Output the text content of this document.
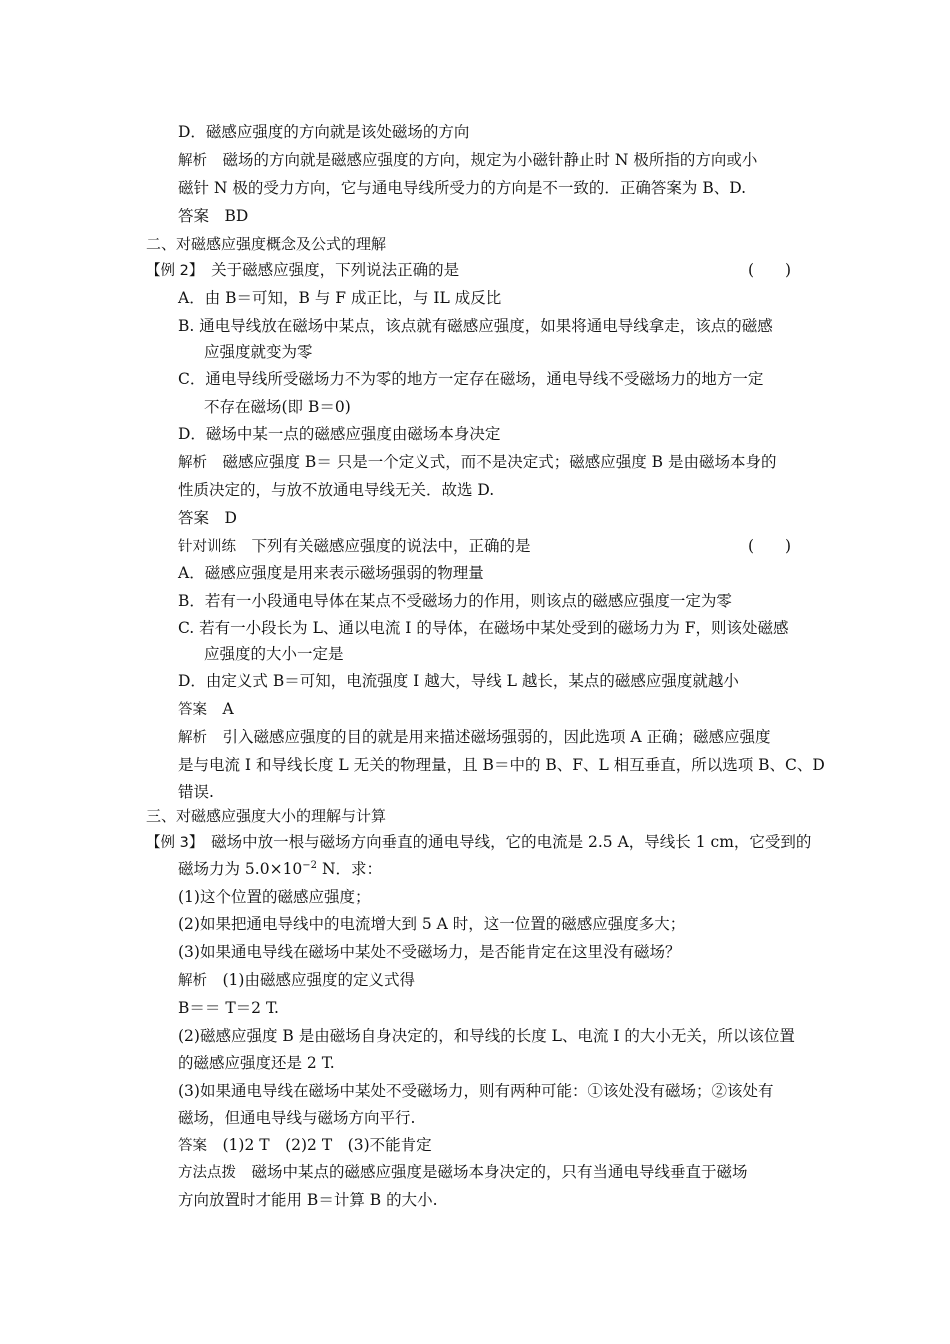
D．磁感应强度的方向就是该处磁场的方向
解析  磁场的方向就是磁感应强度的方向，规定为小磁针静止时 N 极所指的方向或小
磁针 N 极的受力方向，它与通电导线所受力的方向是不一致的．正确答案为 B、D.
答案  BD
二、对磁感应强度概念及公式的理解
【例 2】  关于磁感应强度，下列说法正确的是	(　　)
A．由 B＝可知，B 与 F 成正比，与 IL 成反比
B. 通电导线放在磁场中某点，该点就有磁感应强度，如果将通电导线拿走，该点的磁感
应强度就变为零
C．通电导线所受磁场力不为零的地方一定存在磁场，通电导线不受磁场力的地方一定
不存在磁场(即 B＝0)
D．磁场中某一点的磁感应强度由磁场本身决定
解析  磁感应强度 B＝ 只是一个定义式，而不是决定式；磁感应强度 B 是由磁场本身的
性质决定的，与放不放通电导线无关．故选 D.
答案  D
针对训练  下列有关磁感应强度的说法中，正确的是	(　　)
A．磁感应强度是用来表示磁场强弱的物理量
B．若有一小段通电导体在某点不受磁场力的作用，则该点的磁感应强度一定为零
C. 若有一小段长为 L、通以电流 I 的导体，在磁场中某处受到的磁场力为 F，则该处磁感
应强度的大小一定是
D．由定义式 B＝可知，电流强度 I 越大，导线 L 越长，某点的磁感应强度就越小
答案  A
解析  引入磁感应强度的目的就是用来描述磁场强弱的，因此选项 A 正确；磁感应强度
是与电流 I 和导线长度 L 无关的物理量，且 B＝中的 B、F、L 相互垂直，所以选项 B、C、D
错误.
三、对磁感应强度大小的理解与计算
【例 3】  磁场中放一根与磁场方向垂直的通电导线，它的电流是 2.5 A，导线长 1 cm，它受到的
磁场力为 $5.0\times 10^{-2}$ N．求：
(1)这个位置的磁感应强度；
(2)如果把通电导线中的电流增大到 5 A 时，这一位置的磁感应强度多大；
(3)如果通电导线在磁场中某处不受磁场力，是否能肯定在这里没有磁场？
解析  (1)由磁感应强度的定义式得
B＝＝ T＝2 T.
(2)磁感应强度 B 是由磁场自身决定的，和导线的长度 L、电流 I 的大小无关，所以该位置
的磁感应强度还是 2 T.
(3)如果通电导线在磁场中某处不受磁场力，则有两种可能：①该处没有磁场；②该处有
磁场，但通电导线与磁场方向平行.
答案  (1)2 T　(2)2 T　(3)不能肯定
方法点拨  磁场中某点的磁感应强度是磁场本身决定的，只有当通电导线垂直于磁场
方向放置时才能用 B＝计算 B 的大小.
